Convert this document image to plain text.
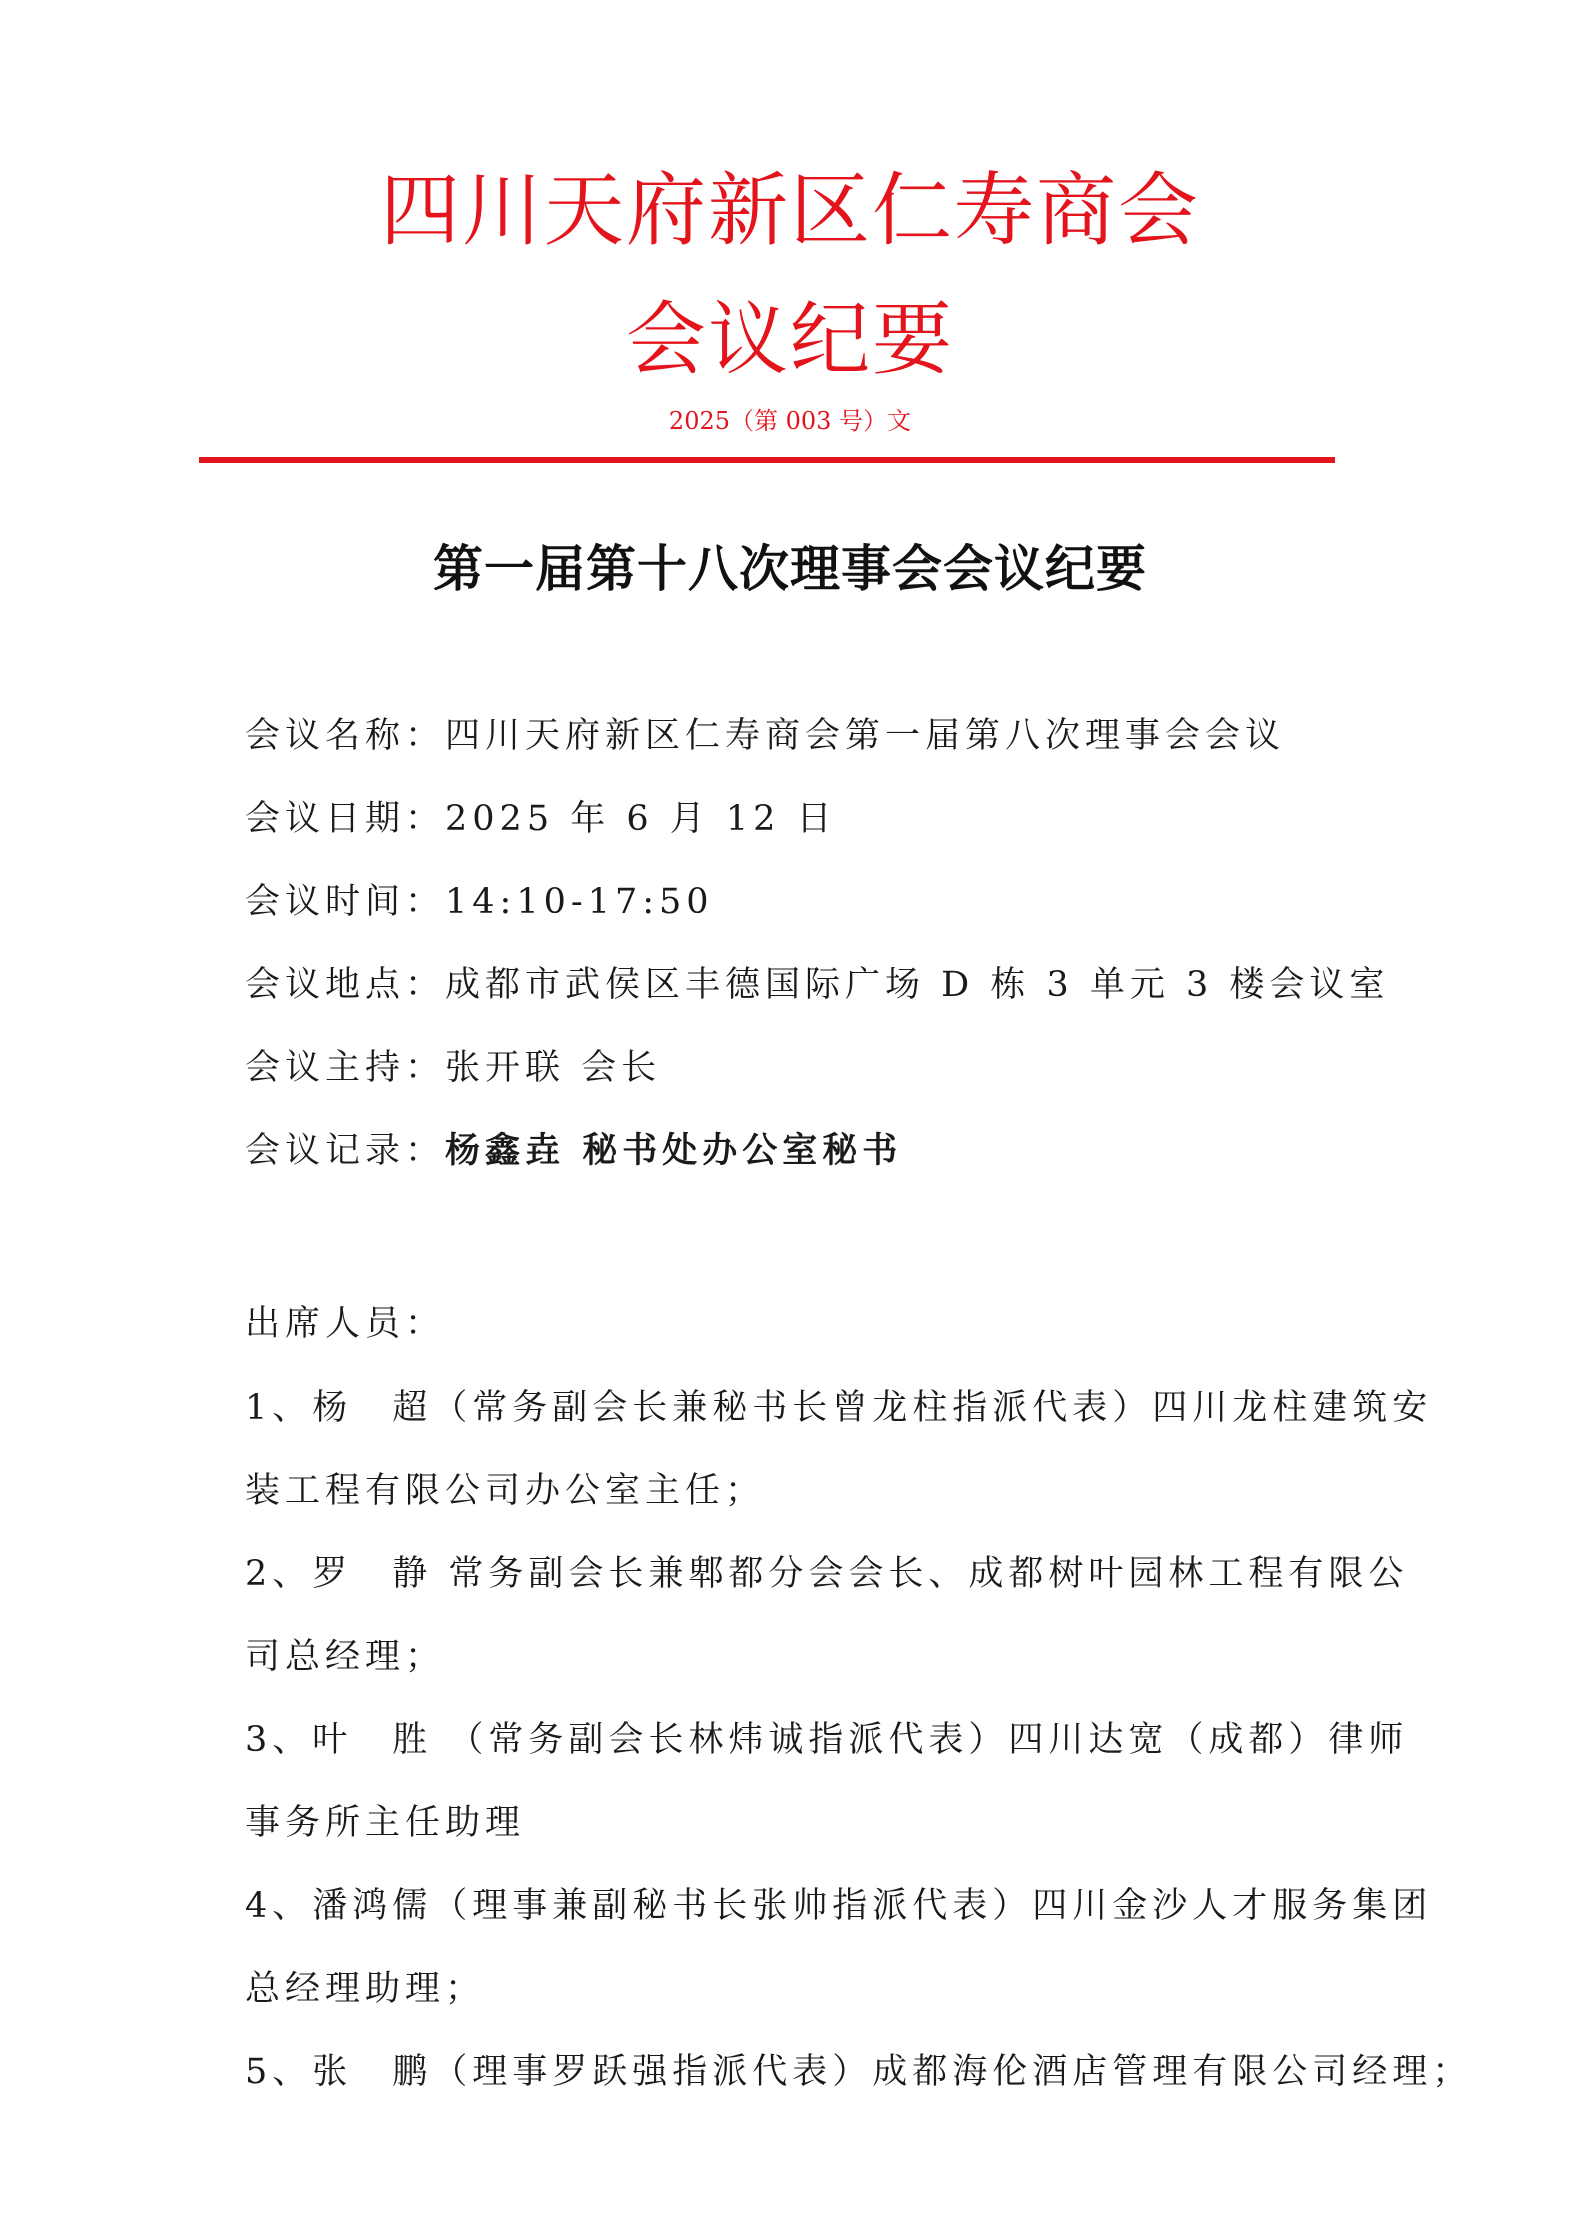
四川天府新区仁寿商会
会议纪要
2025（第 003 号）文
第一届第十八次理事会会议纪要
会议名称：四川天府新区仁寿商会第一届第八次理事会会议
会议日期：2025 年 6 月 12 日
会议时间：14:10-17:50
会议地点：成都市武侯区丰德国际广场 D 栋 3 单元 3 楼会议室
会议主持：张开联 会长
会议记录：杨鑫垚 秘书处办公室秘书
出席人员：
1、杨　超（常务副会长兼秘书长曾龙柱指派代表）四川龙柱建筑安
装工程有限公司办公室主任；
2、罗　静 常务副会长兼郫都分会会长、成都树叶园林工程有限公
司总经理；
3、叶　胜 （常务副会长林炜诚指派代表）四川达宽（成都）律师
事务所主任助理
4、潘鸿儒（理事兼副秘书长张帅指派代表）四川金沙人才服务集团
总经理助理；
5、张　鹏（理事罗跃强指派代表）成都海伦酒店管理有限公司经理；
